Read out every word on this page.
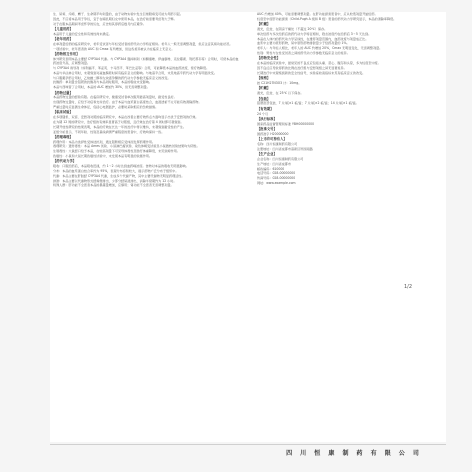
生、尿频、疖痈、精子、生命期平均剂量的，由于动物实验中发生巨细胞病变可能为用药引起。
因此，不应将本品用于孕妇，宜于在哺乳期妇女中使用本品，在治疗前需要考虑利大于弊。
对于在服本品期间考虑怀孕的妇女，应告知其停药后数月内应避孕。
【儿童用药】
本品用于儿童的安全性和有效性尚未确定。
【老年用药】
在单剂量给药的临床研究中，老年受试者与年轻受试者的药代动力学特征相似。老年人一般无需调整剂量，但应注意其肾功能状况。
一项试验中，老年患者的 AUC 和 Cmax 有所增加，但这些差异被认为在临床上无意义。
【药物相互作用】
体外研究表明本品主要经 CYP3A4 代谢。与 CYP3A4 强抑制剂（如酮康唑、伊曲康唑、克拉霉素、利托那韦等）合用时，可使本品的血药浓度升高，应调整剂量。
与 CYP3A4 诱导剂（如利福平、苯妥英、卡马西平、苯巴比妥等）合用，可能降低本品的血药浓度，使疗效降低。
本品与华法林合用时，未观察到对凝血酶原时间有临床意义的影响。与地高辛合用，未见地高辛药代动力学有明显改变。
与口服避孕药合用时，乙炔雌二醇和左炔诺孕酮的药代动力学参数无临床意义的改变。
抗酸药：单剂量含铝镁的抗酸剂与本品同时服用，本品的吸收未受影响。
本品与西咪替丁合用时，本品的 AUC 增加约 30%，但无需调整剂量。
【药物过量】
本品药物过量的经验有限。在临床研究中，健康受试者单次服用最高剂量时，耐受性良好。
出现药物过量时，应给予对症和支持治疗。由于本品与血浆蛋白高度结合，血液透析不太可能有效清除药物。
严重过量时应监测生命体征，包括心电图监护，必要时采取相应的急救措施。
【临床试验】
在多项随机、双盲、安慰剂对照的临床研究中，本品在改善主要疗效终点方面均显示出优于安慰剂的疗效。
在为期 12 周的研究中，治疗组的有效率显著高于对照组，且疗效在治疗第 4 周时即可观察到。
长期开放性研究的结果表明，本品的疗效在长达一年的治疗中得以维持，未观察到耐受性的产生。
亚组分析显示，不同年龄、性别及基线病情严重程度的患者中，疗效均保持一致。
【药理毒理】
药理作用：本品为选择性受体拮抗剂，通过阻断相应受体而发挥药理作用。
毒理研究：遗传毒性：本品 Ames 试验、小鼠淋巴瘤试验、染色体畸变试验及小鼠微核试验结果均为阴性。
生殖毒性：大鼠经口给予本品，在较高剂量下可见母体毒性及胎仔体重降低，未见致畸作用。
致癌性：小鼠和大鼠长期致癌性试验中，未发现本品有明显的致癌作用。
【药代动力学】
吸收：口服给药后，本品吸收迅速，约 1～2 小时达到血药峰浓度。食物对本品的吸收无明显影响。
分布：本品的血浆蛋白结合率约为 95%，表观分布容积较大，提示药物广泛分布于组织中。
代谢：本品主要在肝脏经 CYP3A4 代谢，生成多个代谢产物，其中主要代谢物无明显药理活性。
排泄：本品主要以代谢物形式经粪便排出，少部分经尿液排出，消除半衰期约为 12 小时。
特殊人群：肝功能不全患者本品的暴露量增加，应慎用；肾功能不全患者无需调整剂量。
AUC 约增加 40%，可能需要调整剂量。在肝功能损害患者中，应从较低剂量开始给药。
轻度至中度肝功能损害（Child-Pugh A 级和 B 级）患者的药代动力学研究显示，本品的清除率降低。
【贮藏】
遮光，密封，在阴凉干燥处（不超过 20℃）保存。
单次给药与多次给药后的药代动力学特征相似，稳态浓度约在给药后 3～5 天达到。
本品在人体内的药代动力学呈线性，在推荐剂量范围内，血药浓度与剂量成正比。
血浆中主要为原形药物，尿中原形药物排泄量少于给药剂量的 1%。
老年人：与年轻人相比，老年人的 AUC 约增加 20%，Cmax 无明显变化，无需调整剂量。
性别：男性与女性受试者之间的药代动力学参数无临床意义的差异。
【药物安全性】
在本品的临床试验中，最常见的不良反应包括头痛、恶心、腹泻和头晕，多为轻度至中度。
因不良反应导致停药的比例在治疗组与安慰剂组之间无显著差异。
长期治疗中未观察到新的安全性信号，实验室检查指标未见有临床意义的改变。
【规格】
按 C21H27N3O3 计：10mg。
【贮藏】
遮光，密封，在 25℃ 以下保存。
【包装】
铝塑泡罩包装，7 片/板×1 板/盒；7 片/板×2 板/盒；14 片/板×1 板/盒。
【有效期】
24 个月
【执行标准】
国家药品监督管理局标准 YBH00000000
【批准文号】
国药准字 H20000000
【上市许可持有人】
名称：四川恒康制药有限公司
注册地址：四川省成都市高新区科园南路
【生产企业】
企业名称：四川恒康制药有限公司
生产地址：四川省成都市
邮政编码：610000
电话号码：028-00000000
传真号码：028-00000000
网址：www.example.com
1/2
四 川 恒 康 制 药 有 限 公 司
